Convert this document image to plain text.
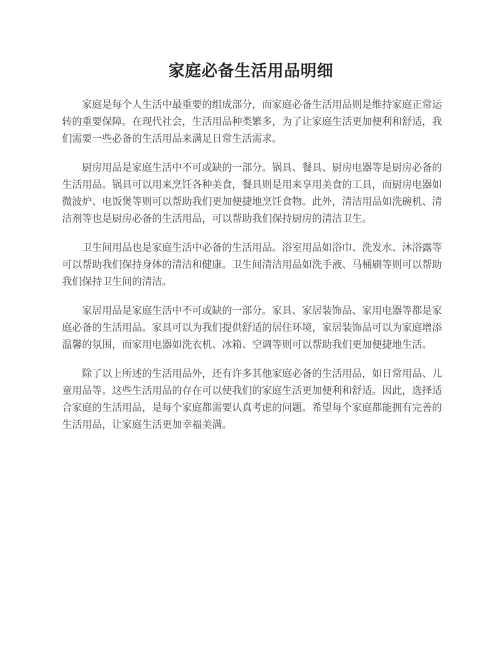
家庭必备生活用品明细

家庭是每个人生活中最重要的组成部分，而家庭必备生活用品则是维持家庭正常运转的重要保障。在现代社会，生活用品种类繁多，为了让家庭生活更加便利和舒适，我们需要一些必备的生活用品来满足日常生活需求。

厨房用品是家庭生活中不可或缺的一部分。锅具、餐具、厨房电器等是厨房必备的生活用品。锅具可以用来烹饪各种美食，餐具则是用来享用美食的工具，而厨房电器如微波炉、电饭煲等则可以帮助我们更加便捷地烹饪食物。此外，清洁用品如洗碗机、清洁剂等也是厨房必备的生活用品，可以帮助我们保持厨房的清洁卫生。

卫生间用品也是家庭生活中必备的生活用品。浴室用品如浴巾、洗发水、沐浴露等可以帮助我们保持身体的清洁和健康。卫生间清洁用品如洗手液、马桶刷等则可以帮助我们保持卫生间的清洁。

家居用品是家庭生活中不可或缺的一部分。家具、家居装饰品、家用电器等都是家庭必备的生活用品。家具可以为我们提供舒适的居住环境，家居装饰品可以为家庭增添温馨的氛围，而家用电器如洗衣机、冰箱、空调等则可以帮助我们更加便捷地生活。

除了以上所述的生活用品外，还有许多其他家庭必备的生活用品，如日常用品、儿童用品等。这些生活用品的存在可以使我们的家庭生活更加便利和舒适。因此，选择适合家庭的生活用品，是每个家庭都需要认真考虑的问题。希望每个家庭都能拥有完善的生活用品，让家庭生活更加幸福美满。
